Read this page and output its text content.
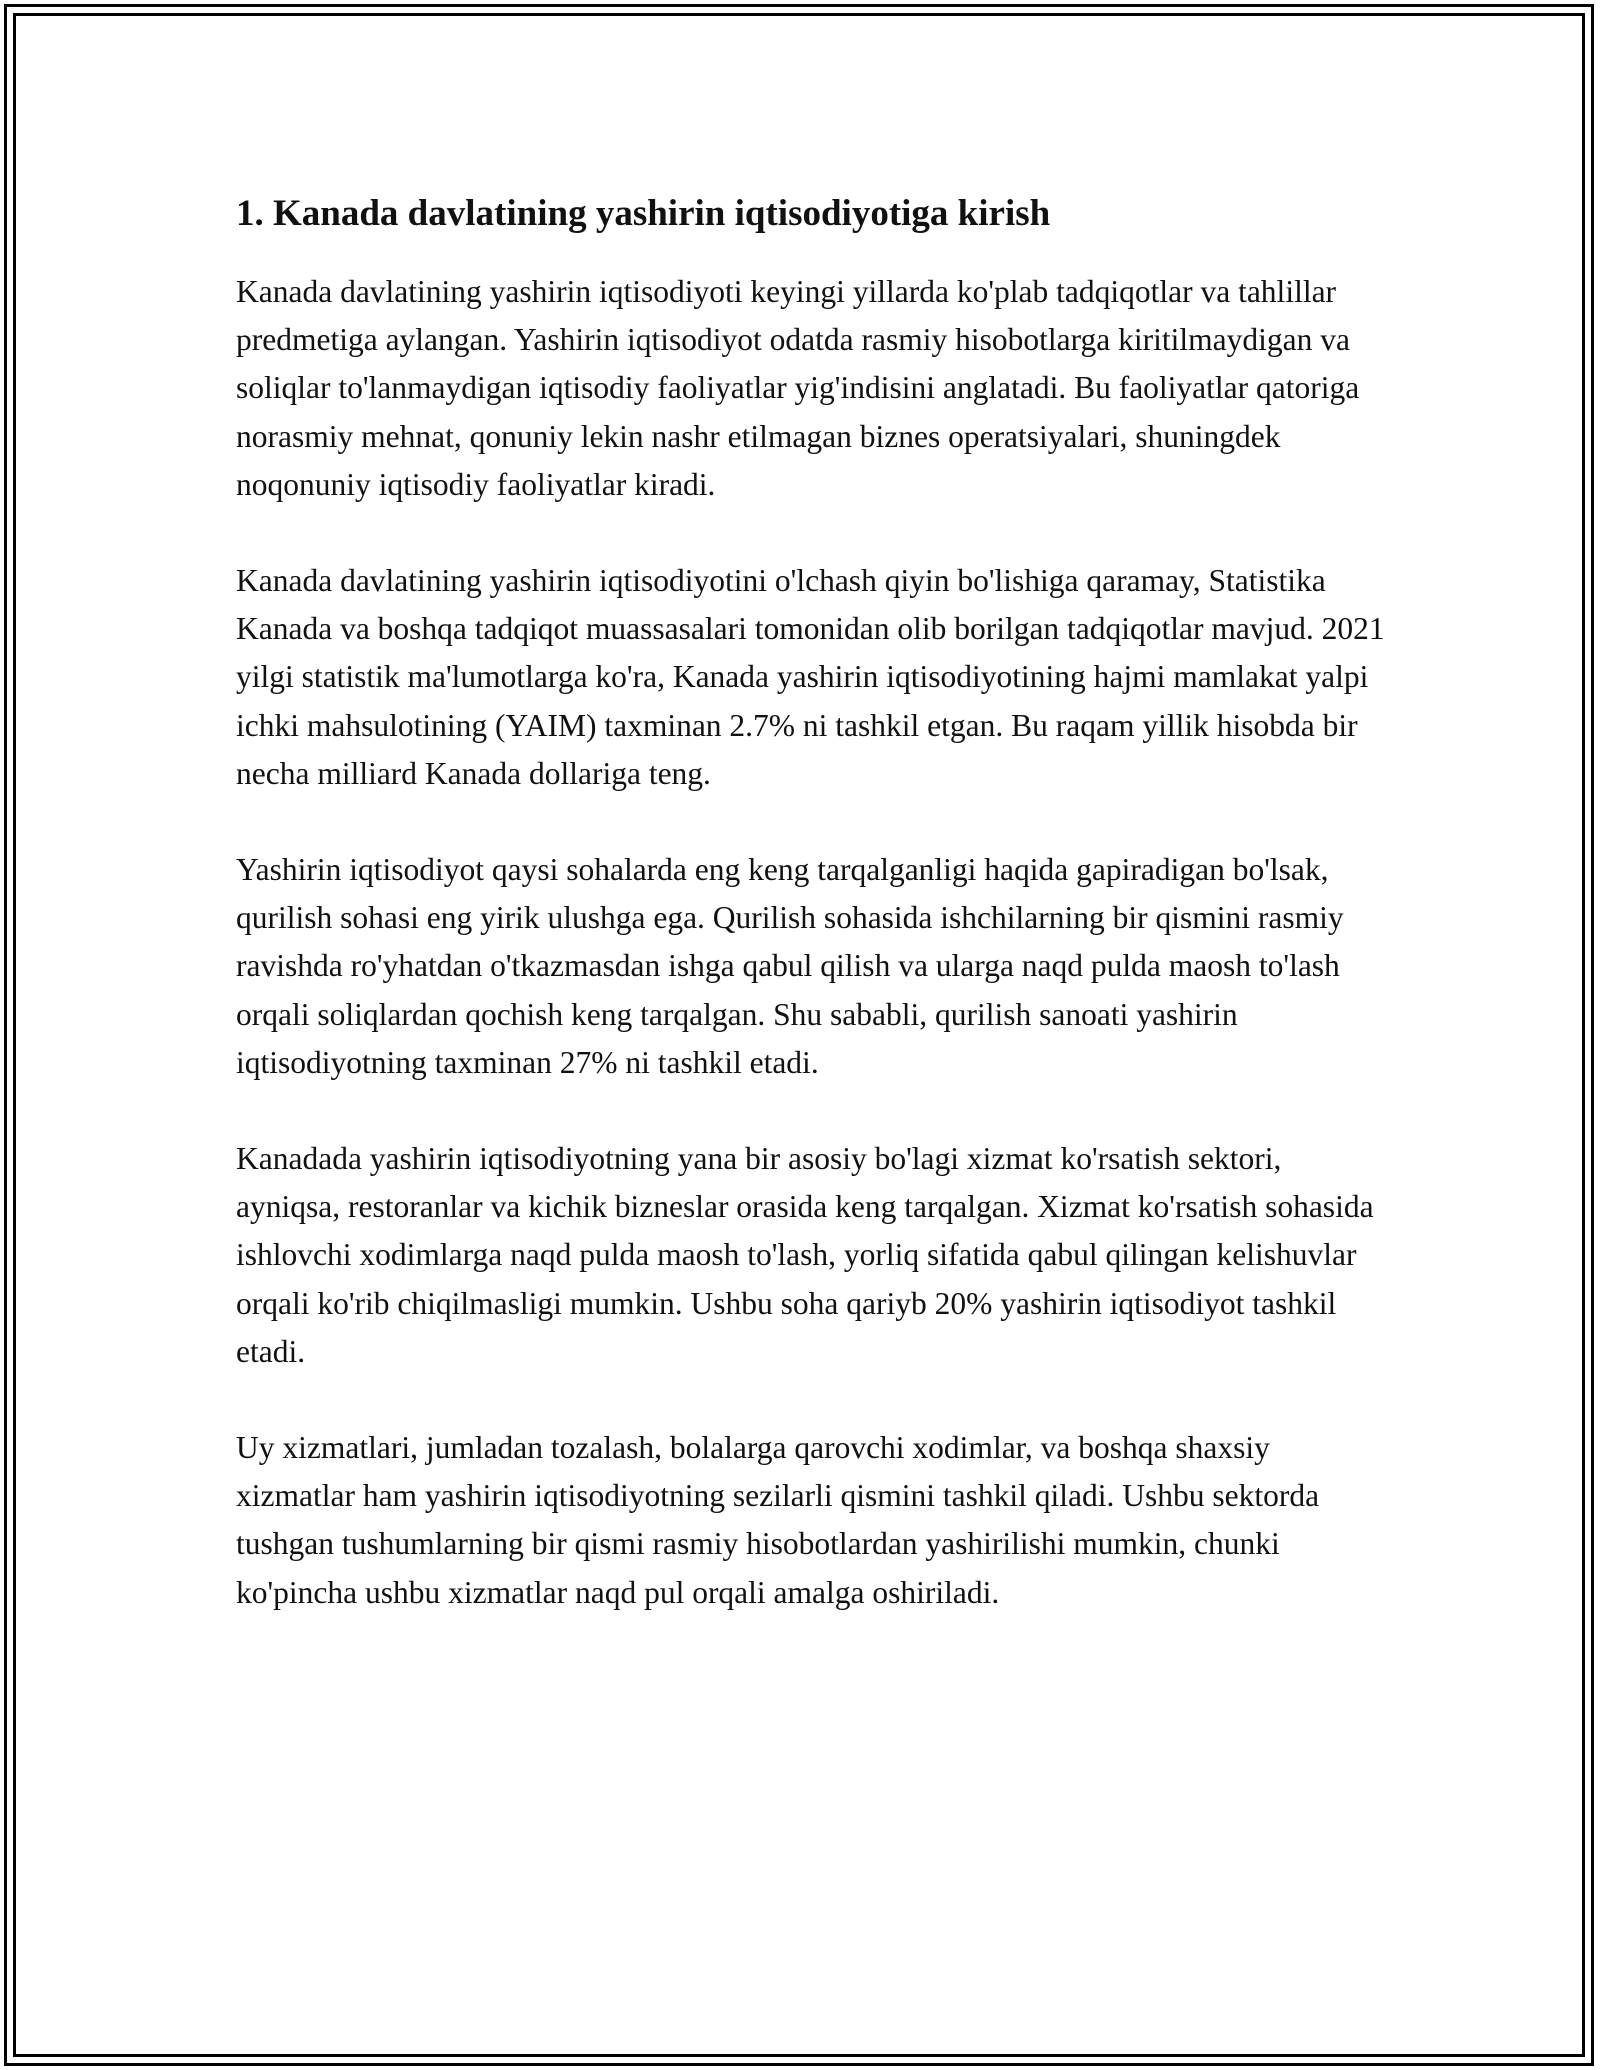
1. Kanada davlatining yashirin iqtisodiyotiga kirish

Kanada davlatining yashirin iqtisodiyoti keyingi yillarda ko'plab tadqiqotlar va tahlillar predmetiga aylangan. Yashirin iqtisodiyot odatda rasmiy hisobotlarga kiritilmaydigan va soliqlar to'lanmaydigan iqtisodiy faoliyatlar yig'indisini anglatadi. Bu faoliyatlar qatoriga norasmiy mehnat, qonuniy lekin nashr etilmagan biznes operatsiyalari, shuningdek noqonuniy iqtisodiy faoliyatlar kiradi.

Kanada davlatining yashirin iqtisodiyotini o'lchash qiyin bo'lishiga qaramay, Statistika Kanada va boshqa tadqiqot muassasalari tomonidan olib borilgan tadqiqotlar mavjud. 2021 yilgi statistik ma'lumotlarga ko'ra, Kanada yashirin iqtisodiyotining hajmi mamlakat yalpi ichki mahsulotining (YAIM) taxminan 2.7% ni tashkil etgan. Bu raqam yillik hisobda bir necha milliard Kanada dollariga teng.

Yashirin iqtisodiyot qaysi sohalarda eng keng tarqalganligi haqida gapiradigan bo'lsak, qurilish sohasi eng yirik ulushga ega. Qurilish sohasida ishchilarning bir qismini rasmiy ravishda ro'yhatdan o'tkazmasdan ishga qabul qilish va ularga naqd pulda maosh to'lash orqali soliqlardan qochish keng tarqalgan. Shu sababli, qurilish sanoati yashirin iqtisodiyotning taxminan 27% ni tashkil etadi.

Kanadada yashirin iqtisodiyotning yana bir asosiy bo'lagi xizmat ko'rsatish sektori, ayniqsa, restoranlar va kichik bizneslar orasida keng tarqalgan. Xizmat ko'rsatish sohasida ishlovchi xodimlarga naqd pulda maosh to'lash, yorliq sifatida qabul qilingan kelishuvlar orqali ko'rib chiqilmasligi mumkin. Ushbu soha qariyb 20% yashirin iqtisodiyot tashkil etadi.

Uy xizmatlari, jumladan tozalash, bolalarga qarovchi xodimlar, va boshqa shaxsiy xizmatlar ham yashirin iqtisodiyotning sezilarli qismini tashkil qiladi. Ushbu sektorda tushgan tushumlarning bir qismi rasmiy hisobotlardan yashirilishi mumkin, chunki ko'pincha ushbu xizmatlar naqd pul orqali amalga oshiriladi.
